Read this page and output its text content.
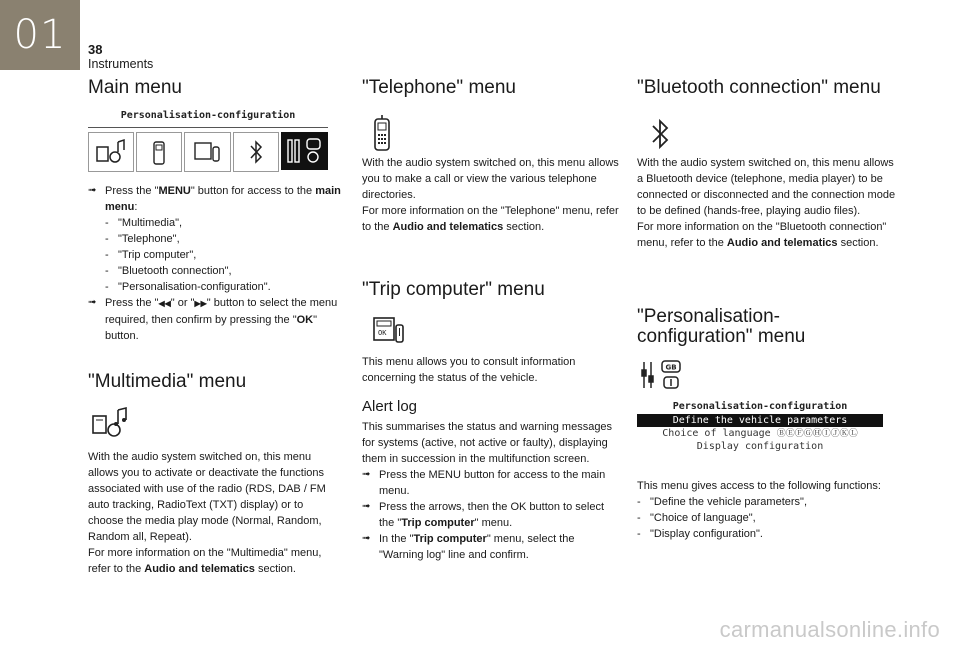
01	38
Instruments
Main menu
Personalisation-configuration
➟ Press the "MENU" button for access to the main menu:
- "Multimedia",
- "Telephone",
- "Trip computer",
- "Bluetooth connection",
- "Personalisation-configuration".
➟ Press the "◀◀" or "▶▶" button to select the menu required, then confirm by pressing the "OK" button.
"Multimedia" menu
With the audio system switched on, this menu allows you to activate or deactivate the functions associated with use of the radio (RDS, DAB / FM auto tracking, RadioText (TXT) display) or to choose the media play mode (Normal, Random, Random all, Repeat).
For more information on the "Multimedia" menu, refer to the Audio and telematics section.
"Telephone" menu
With the audio system switched on, this menu allows you to make a call or view the various telephone directories.
For more information on the "Telephone" menu, refer to the Audio and telematics section.
"Trip computer" menu
OK
This menu allows you to consult information concerning the status of the vehicle.
Alert log
This summarises the status and warning messages for systems (active, not active or faulty), displaying them in succession in the multifunction screen.
➟ Press the MENU button for access to the main menu.
➟ Press the arrows, then the OK button to select the "Trip computer" menu.
➟ In the "Trip computer" menu, select the "Warning log" line and confirm.
"Bluetooth connection" menu
With the audio system switched on, this menu allows a Bluetooth device (telephone, media player) to be connected or disconnected and the connection mode to be defined (hands-free, playing audio files).
For more information on the "Bluetooth connection" menu, refer to the Audio and telematics section.
"Personalisation-
configuration" menu
GB
Personalisation-configuration
Define the vehicle parameters
Choice of language ⒷⒺⒻⒼⒽⒾⒿⓀⓁ
Display configuration
This menu gives access to the following functions:
- "Define the vehicle parameters",
- "Choice of language",
- "Display configuration".
carmanualsonline.info
